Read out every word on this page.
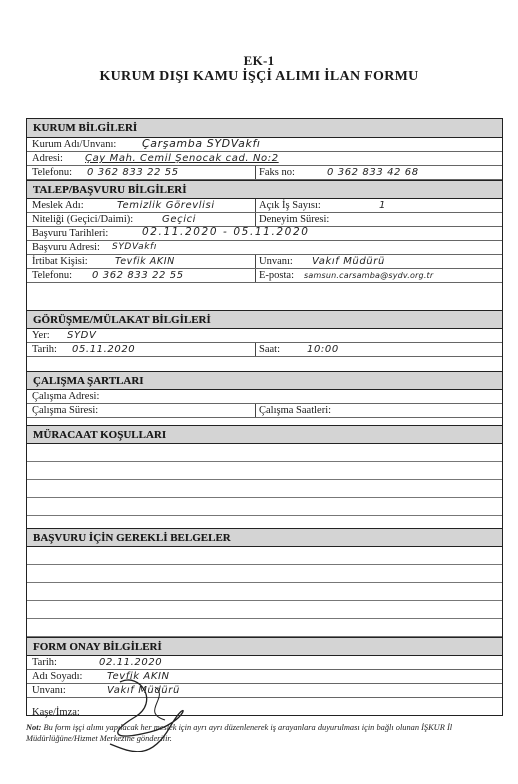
EK-1
KURUM DIŞI KAMU İŞÇİ ALIMI İLAN FORMU
KURUM BİLGİLERİ
Kurum Adı/Unvanı: Çarşamba SYDVakfı
Adresi: Çay Mah. Cemil Şenocak cad. No:2
Telefonu: 0 362 833 22 55	Faks no:	0 362 833 42 68
TALEP/BAŞVURU BİLGİLERİ
Meslek Adı:	Temizlik Görevlisi	Açık İş Sayısı:	1
Niteliği (Geçici/Daimi):	Geçici	Deneyim Süresi:
Başvuru Tarihleri:	02.11.2020 - 05.11.2020
Başvuru Adresi: SYDVakfı
İrtibat Kişisi:	Tevfik AKIN	Unvanı: Vakıf Müdürü
Telefonu: 0 362 833 22 55	E-posta: samsun.carsamba@sydv.org.tr
GÖRÜŞME/MÜLAKAT BİLGİLERİ
Yer: SYDV
Tarih: 05.11.2020	Saat:	10:00
ÇALIŞMA ŞARTLARI
Çalışma Adresi:
Çalışma Süresi:	Çalışma Saatleri:
MÜRACAAT KOŞULLARI
BAŞVURU İÇİN GEREKLİ BELGELER
FORM ONAY BİLGİLERİ
Tarih:	02.11.2020
Adı Soyadı: Tevfik AKIN
Unvanı:	Vakıf Müdürü
Kaşe/İmza:
Not: Bu form işçi alımı yapılacak her meslek için ayrı ayrı düzenlenerek iş arayanlara duyurulması için bağlı olunan İŞKUR İl Müdürlüğüne/Hizmet Merkezine gönderilir.
